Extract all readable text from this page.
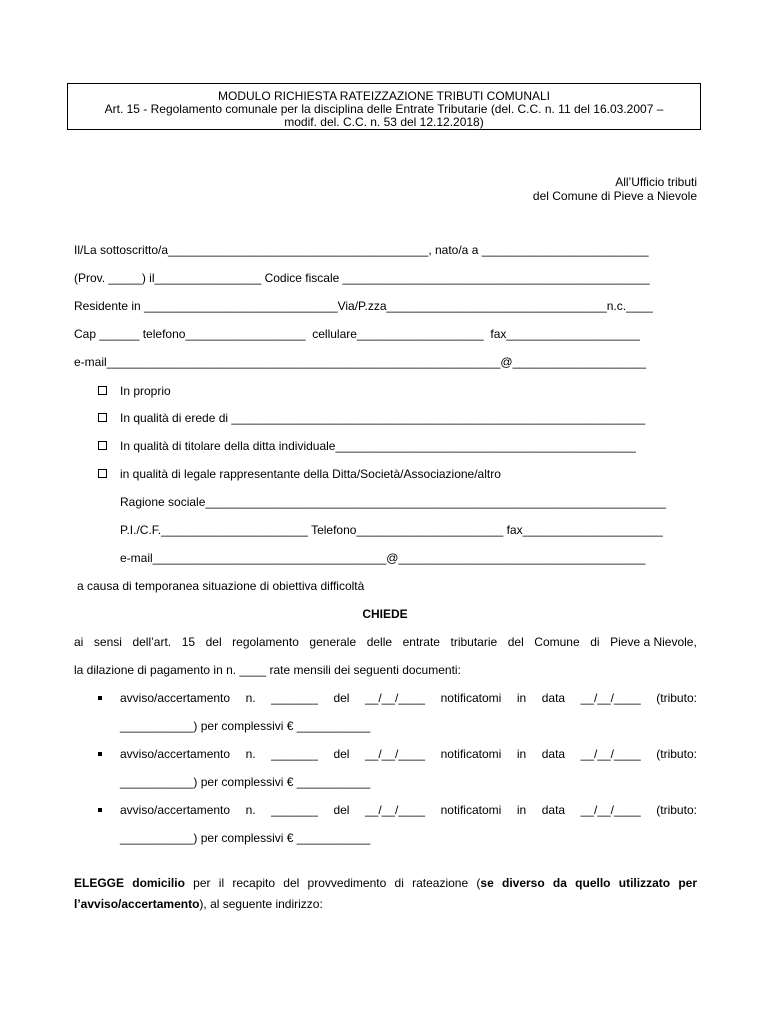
MODULO RICHIESTA RATEIZZAZIONE TRIBUTI COMUNALI
Art. 15 - Regolamento comunale per la disciplina delle Entrate Tributarie (del. C.C. n. 11 del 16.03.2007 –
modif. del. C.C. n. 53 del 12.12.2018)
All’Ufficio tributi
del Comune di Pieve a Nievole
Il/La sottoscritto/a_______________________________________, nato/a a _________________________
(Prov. _____) il________________ Codice fiscale ______________________________________________
Residente in _____________________________Via/P.zza_________________________________n.c.____
Cap ______ telefono__________________  cellulare___________________  fax____________________
e-mail___________________________________________________________@____________________
In proprio
In qualità di erede di ______________________________________________________________
In qualità di titolare della ditta individuale_____________________________________________
in qualità di legale rappresentante della Ditta/Società/Associazione/altro
Ragione sociale_____________________________________________________________________
P.I./C.F.______________________ Telefono______________________ fax_____________________
e-mail___________________________________@_____________________________________
a causa di temporanea situazione di obiettiva difficoltà
CHIEDE
ai sensi dell’art. 15 del regolamento generale delle entrate tributarie del Comune di Pieve a Nievole,
la dilazione di pagamento in n. ____ rate mensili dei seguenti documenti:
avviso/accertamento n. _______ del __/__/____ notificatomi in data __/__/____ (tributo:
___________) per complessivi € ___________
avviso/accertamento n. _______ del __/__/____ notificatomi in data __/__/____ (tributo:
___________) per complessivi € ___________
avviso/accertamento n. _______ del __/__/____ notificatomi in data __/__/____ (tributo:
___________) per complessivi € ___________
ELEGGE domicilio per il recapito del provvedimento di rateazione (se diverso da quello utilizzato per
l’avviso/accertamento), al seguente indirizzo:
